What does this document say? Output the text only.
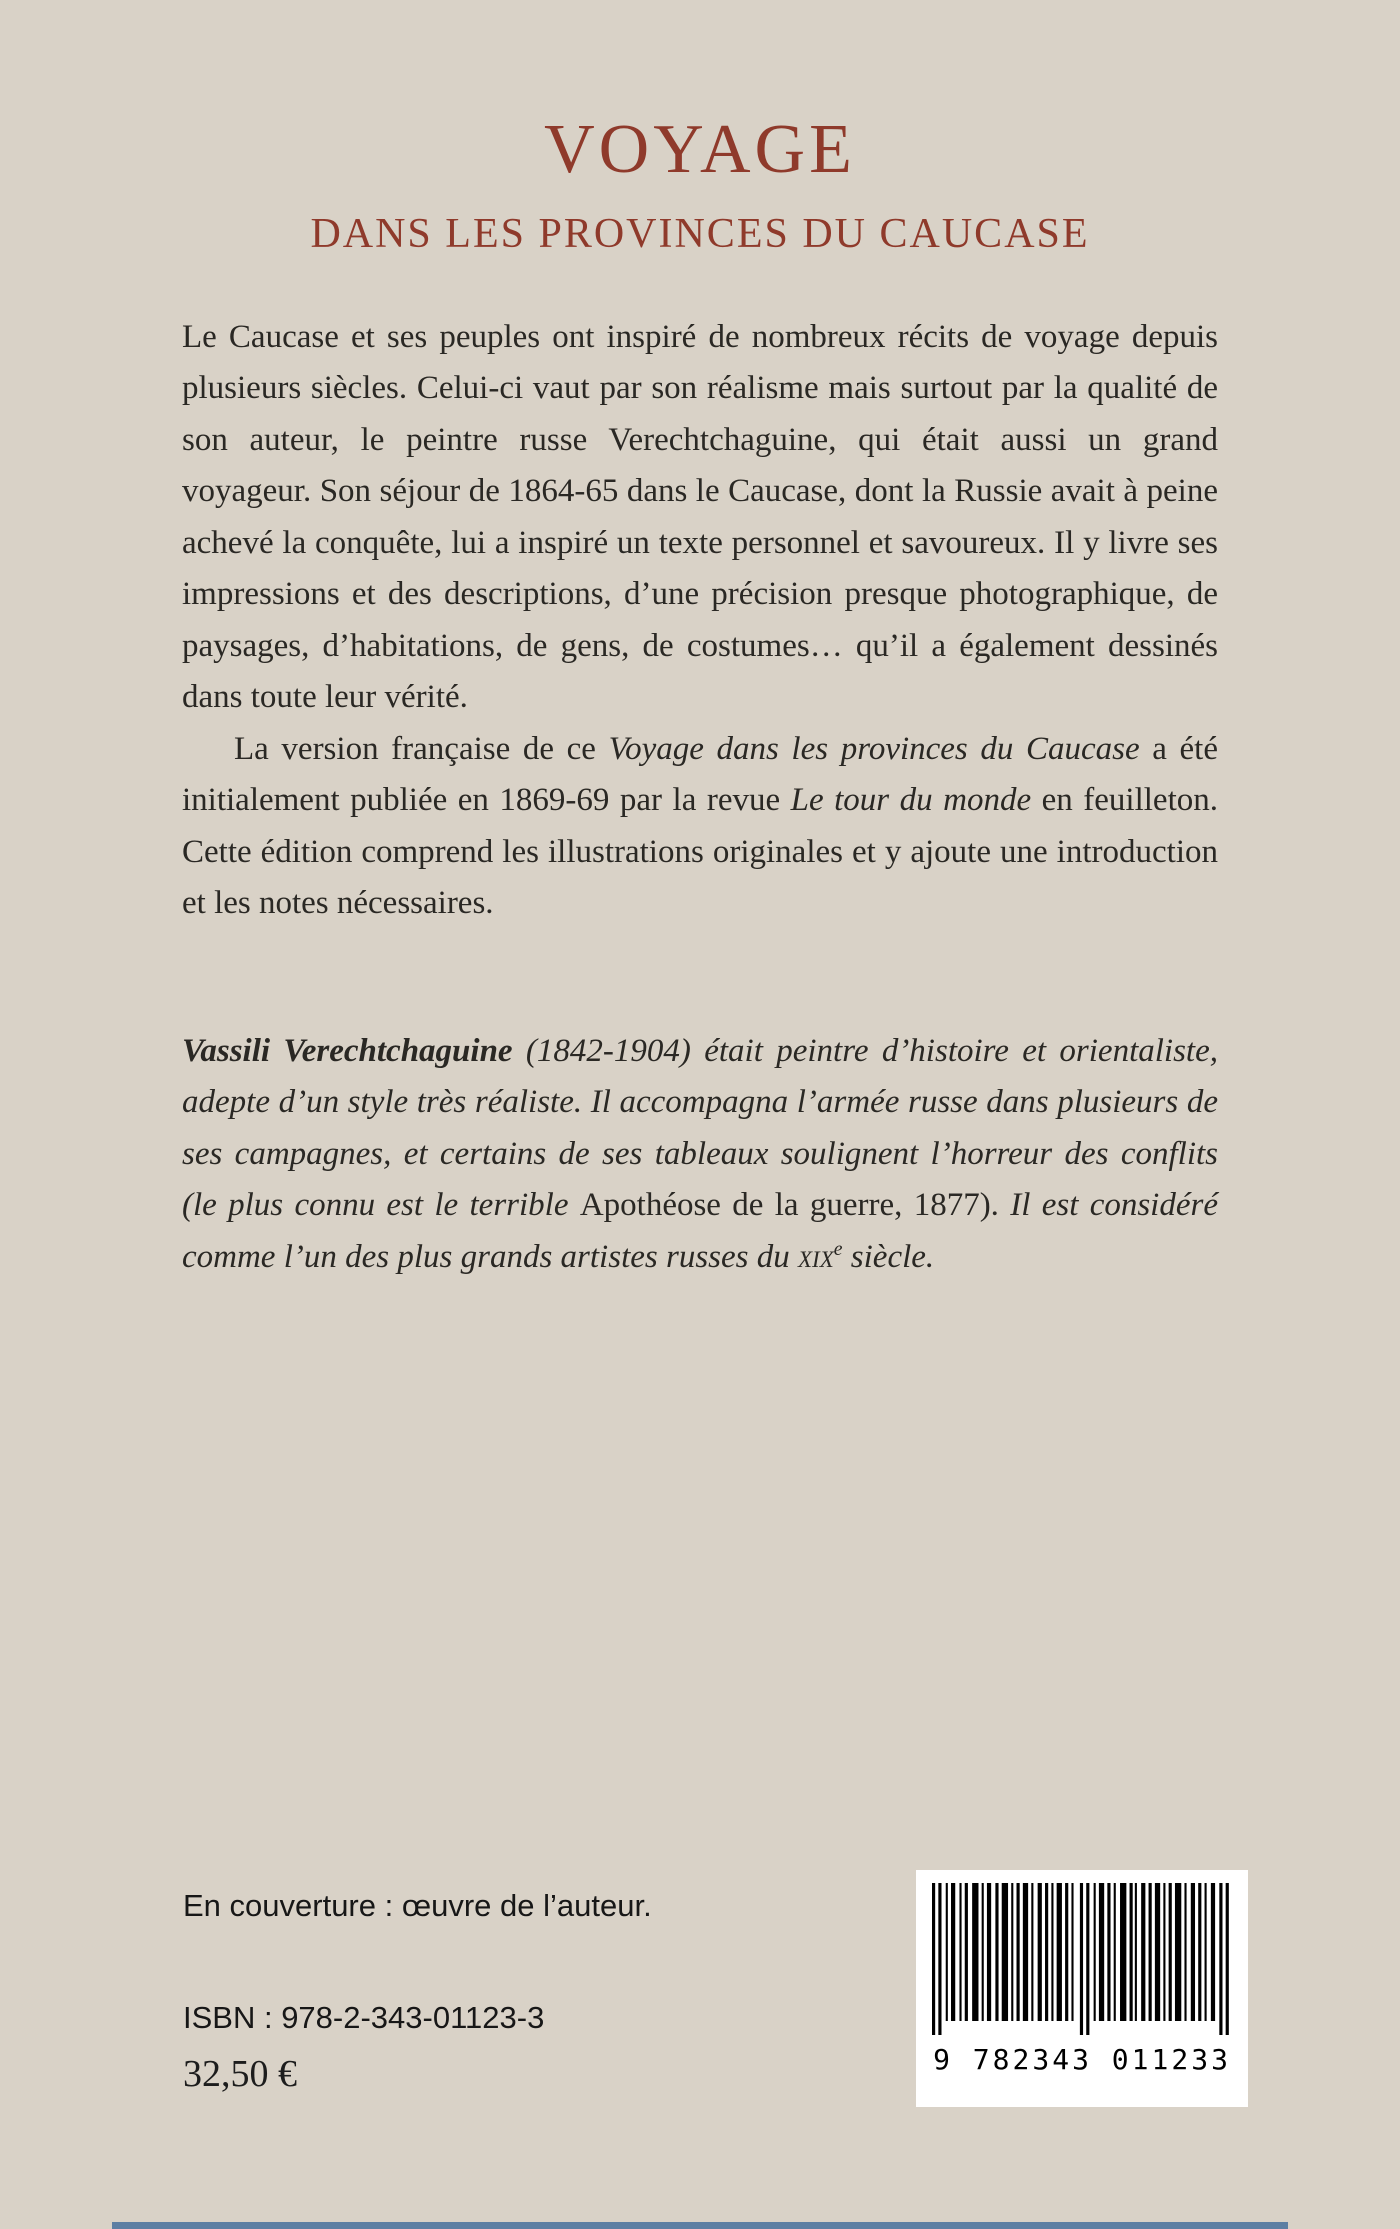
VOYAGE
DANS LES PROVINCES DU CAUCASE

Le Caucase et ses peuples ont inspiré de nombreux récits de voyage depuis plusieurs siècles. Celui-ci vaut par son réalisme mais surtout par la qualité de son auteur, le peintre russe Verechtchaguine, qui était aussi un grand voyageur. Son séjour de 1864-65 dans le Caucase, dont la Russie avait à peine achevé la conquête, lui a inspiré un texte personnel et savoureux. Il y livre ses impressions et des descriptions, d’une précision presque photographique, de paysages, d’habitations, de gens, de costumes… qu’il a également dessinés dans toute leur vérité.

La version française de ce Voyage dans les provinces du Caucase a été initialement publiée en 1869-69 par la revue Le tour du monde en feuilleton. Cette édition comprend les illustrations originales et y ajoute une introduction et les notes nécessaires.

Vassili Verechtchaguine (1842-1904) était peintre d’histoire et orientaliste, adepte d’un style très réaliste. Il accompagna l’armée russe dans plusieurs de ses campagnes, et certains de ses tableaux soulignent l’horreur des conflits (le plus connu est le terrible Apothéose de la guerre, 1877). Il est considéré comme l’un des plus grands artistes russes du xix$^e$ siècle.

En couverture : œuvre de l’auteur.
ISBN : 978-2-343-01123-3
32,50 €	9 782343 011233
